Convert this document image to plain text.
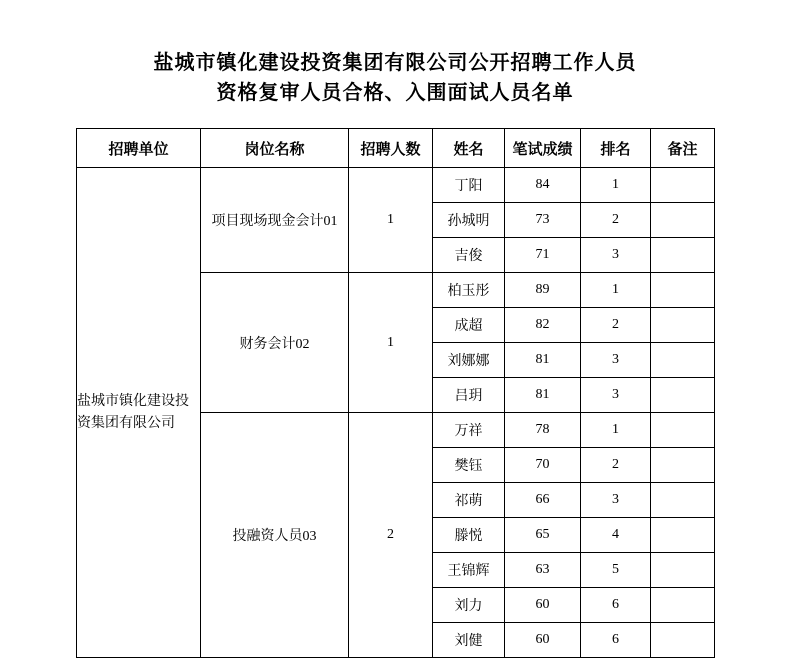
盐城市镇化建设投资集团有限公司公开招聘工作人员
资格复审人员合格、入围面试人员名单
招聘单位	岗位名称	招聘人数	姓名	笔试成绩	排名	备注

盐城市镇化建设投资集团有限公司	项目现场现金会计01	1	丁阳	84	1	
			孙城明	73	2	
			吉俊	71	3	
	财务会计02	1	柏玉彤	89	1	
			成超	82	2	
			刘娜娜	81	3	
			吕玥	81	3	
	投融资人员03	2	万祥	78	1	
			樊钰	70	2	
			祁萌	66	3	
			滕悦	65	4	
			王锦辉	63	5	
			刘力	60	6	
			刘健	60	6	
